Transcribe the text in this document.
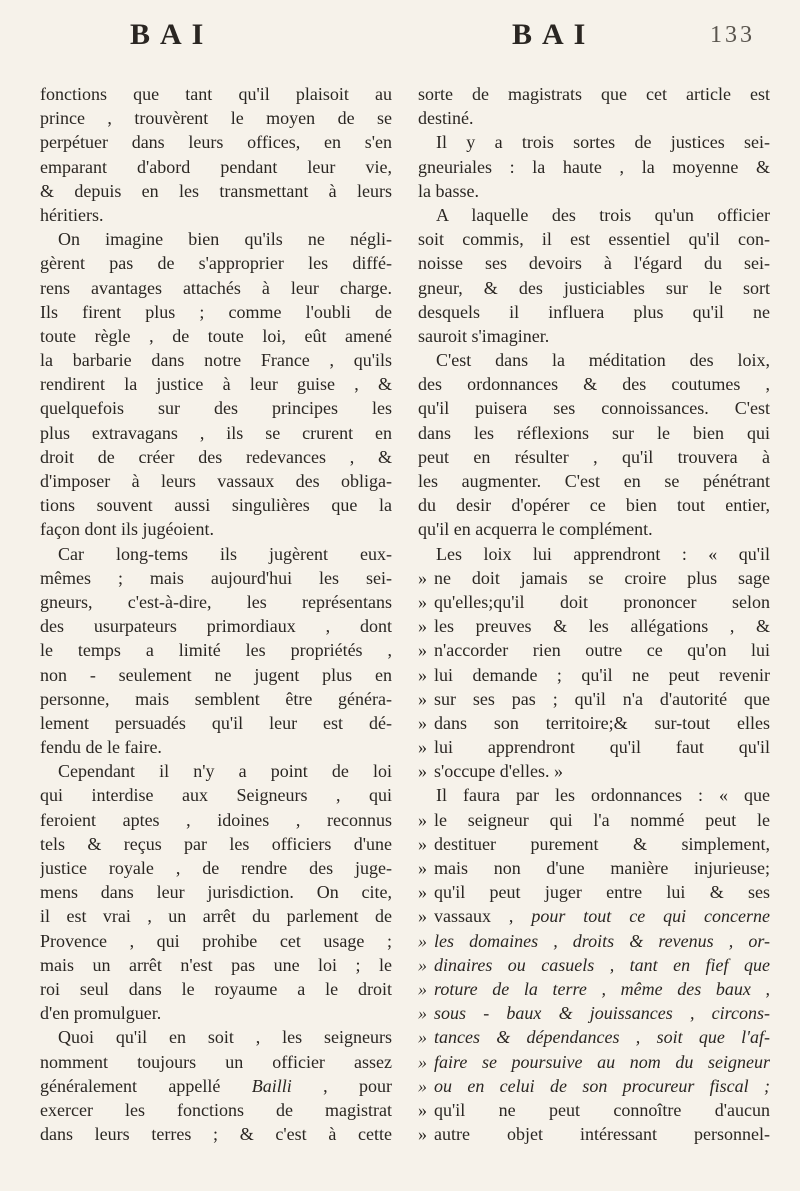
BAI	BAI	133
fonctions que tant qu'il plaisoit au
prince , trouvèrent le moyen de se
perpétuer dans leurs offices, en s'en
emparant d'abord pendant leur vie,
& depuis en les transmettant à leurs
héritiers.
On imagine bien qu'ils ne négli-
gèrent pas de s'approprier les diffé-
rens avantages attachés à leur charge.
Ils firent plus ; comme l'oubli de
toute règle , de toute loi, eût amené
la barbarie dans notre France , qu'ils
rendirent la justice à leur guise , &
quelquefois sur des principes les
plus extravagans , ils se crurent en
droit de créer des redevances , &
d'imposer à leurs vassaux des obliga-
tions souvent aussi singulières que la
façon dont ils jugéoient.
Car long-tems ils jugèrent eux-
mêmes ; mais aujourd'hui les sei-
gneurs, c'est-à-dire, les représentans
des usurpateurs primordiaux , dont
le temps a limité les propriétés ,
non - seulement ne jugent plus en
personne, mais semblent être généra-
lement persuadés qu'il leur est dé-
fendu de le faire.
Cependant il n'y a point de loi
qui interdise aux Seigneurs , qui
feroient aptes , idoines , reconnus
tels & reçus par les officiers d'une
justice royale , de rendre des juge-
mens dans leur jurisdiction. On cite,
il est vrai , un arrêt du parlement de
Provence , qui prohibe cet usage ;
mais un arrêt n'est pas une loi ; le
roi seul dans le royaume a le droit
d'en promulguer.
Quoi qu'il en soit , les seigneurs
nomment toujours un officier assez
généralement appellé Bailli , pour
exercer les fonctions de magistrat
dans leurs terres ; & c'est à cette
sorte de magistrats que cet article est
destiné.
Il y a trois sortes de justices sei-
gneuriales : la haute , la moyenne &
la basse.
A laquelle des trois qu'un officier
soit commis, il est essentiel qu'il con-
noisse ses devoirs à l'égard du sei-
gneur, & des justiciables sur le sort
desquels il influera plus qu'il ne
sauroit s'imaginer.
C'est dans la méditation des loix,
des ordonnances & des coutumes ,
qu'il puisera ses connoissances. C'est
dans les réflexions sur le bien qui
peut en résulter , qu'il trouvera à
les augmenter. C'est en se pénétrant
du desir d'opérer ce bien tout entier,
qu'il en acquerra le complément.
Les loix lui apprendront : « qu'il
» ne doit jamais se croire plus sage
» qu'elles;qu'il doit prononcer selon
» les preuves & les allégations , &
» n'accorder rien outre ce qu'on lui
» lui demande ; qu'il ne peut revenir
» sur ses pas ; qu'il n'a d'autorité que
» dans son territoire;& sur-tout elles
» lui apprendront qu'il faut qu'il
» s'occupe d'elles. »
Il faura par les ordonnances : « que
» le seigneur qui l'a nommé peut le
» destituer purement & simplement,
» mais non d'une manière injurieuse;
» qu'il peut juger entre lui & ses
» vassaux , pour tout ce qui concerne
» les domaines , droits & revenus , or-
» dinaires ou casuels , tant en fief que
» roture de la terre , même des baux ,
» sous - baux & jouissances , circons-
» tances & dépendances , soit que l'af-
» faire se poursuive au nom du seigneur
» ou en celui de son procureur fiscal ;
» qu'il ne peut connoître d'aucun
» autre objet intéressant personnel-
